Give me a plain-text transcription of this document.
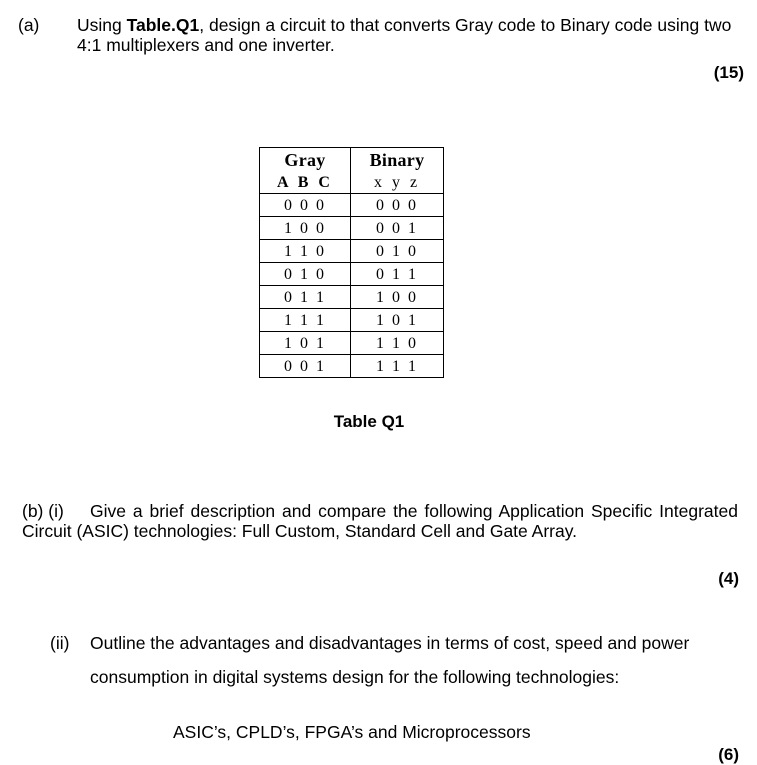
(a) Using Table.Q1, design a circuit to that converts Gray code to Binary code using two 4:1 multiplexers and one inverter.
(15)
Gray	Binary
A B C	x y z
0 0 0	0 0 0
1 0 0	0 0 1
1 1 0	0 1 0
0 1 0	0 1 1
0 1 1	1 0 0
1 1 1	1 0 1
1 0 1	1 1 0
0 0 1	1 1 1
Table Q1
(b) (i) Give a brief description and compare the following Application Specific Integrated Circuit (ASIC) technologies: Full Custom, Standard Cell and Gate Array.
(4)
(ii) Outline the advantages and disadvantages in terms of cost, speed and power
consumption in digital systems design for the following technologies:
ASIC’s, CPLD’s, FPGA’s and Microprocessors
(6)
